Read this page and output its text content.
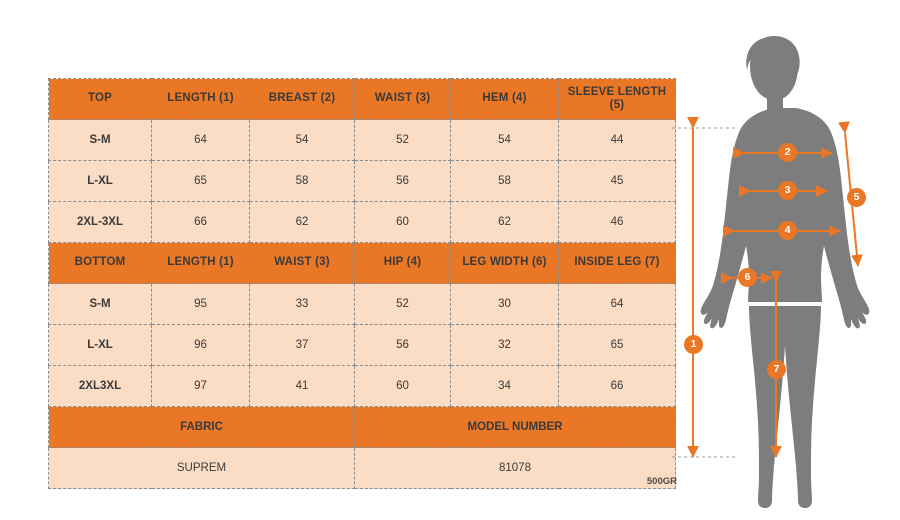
TOP	LENGTH (1)	BREAST (2)	WAIST (3)	HEM (4)	SLEEVE LENGTH (5)
S-M	64	54	52	54	44
L-XL	65	58	56	58	45
2XL-3XL	66	62	60	62	46
BOTTOM	LENGTH (1)	WAIST (3)	HIP (4)	LEG WIDTH (6)	INSIDE LEG (7)
S-M	95	33	52	30	64
L-XL	96	37	56	32	65
2XL3XL	97	41	60	34	66
FABRIC			MODEL NUMBER		
SUPREM			81078		
500GR
1
2
3
4
5
6
7
